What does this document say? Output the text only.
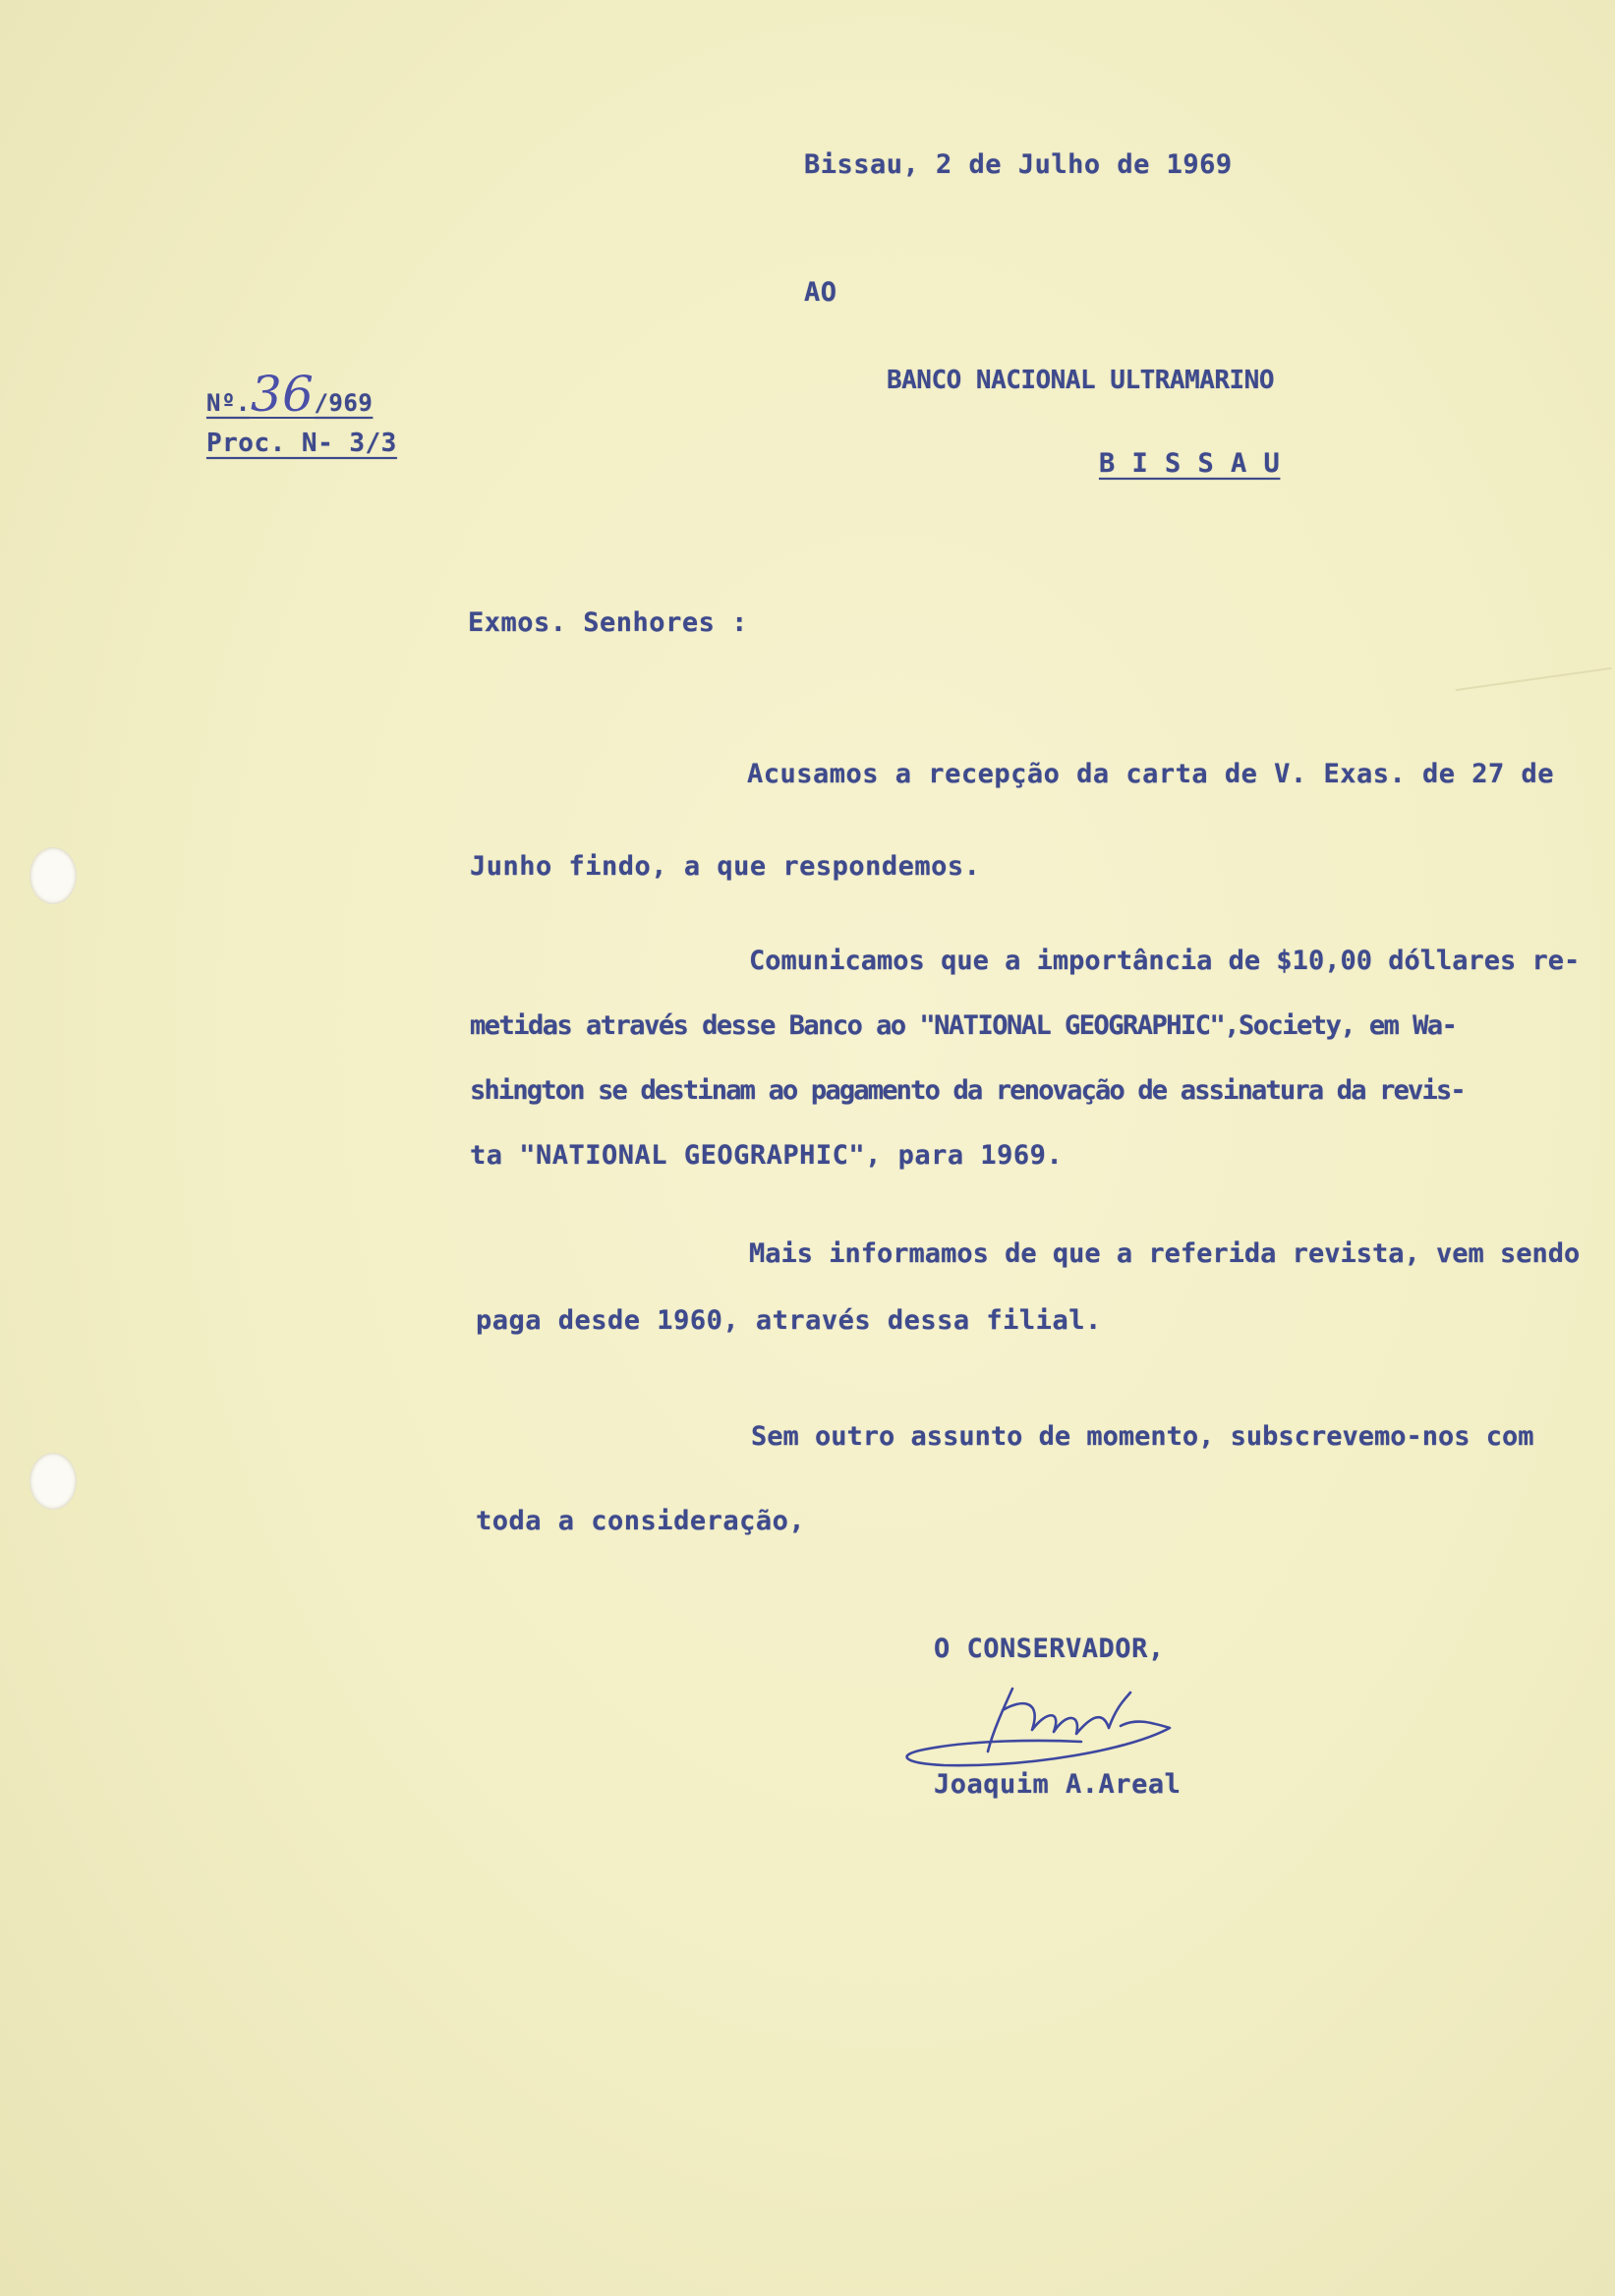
Bissau, 2 de Julho de 1969
AO
Nº.36/969
Proc. N- 3/3
BANCO NACIONAL ULTRAMARINO
B I S S A U
Exmos. Senhores :
Acusamos a recepção da carta de V. Exas. de 27 de
Junho findo, a que respondemos.
Comunicamos que a importância de $10,00 dóllares re-
metidas através desse Banco ao "NATIONAL GEOGRAPHIC",Society, em Wa-
shington se destinam ao pagamento da renovação de assinatura da revis-
ta "NATIONAL GEOGRAPHIC", para 1969.
Mais informamos de que a referida revista, vem sendo
paga desde 1960, através dessa filial.
Sem outro assunto de momento, subscrevemo-nos com
toda a consideração,
O CONSERVADOR,
Joaquim A.Areal
